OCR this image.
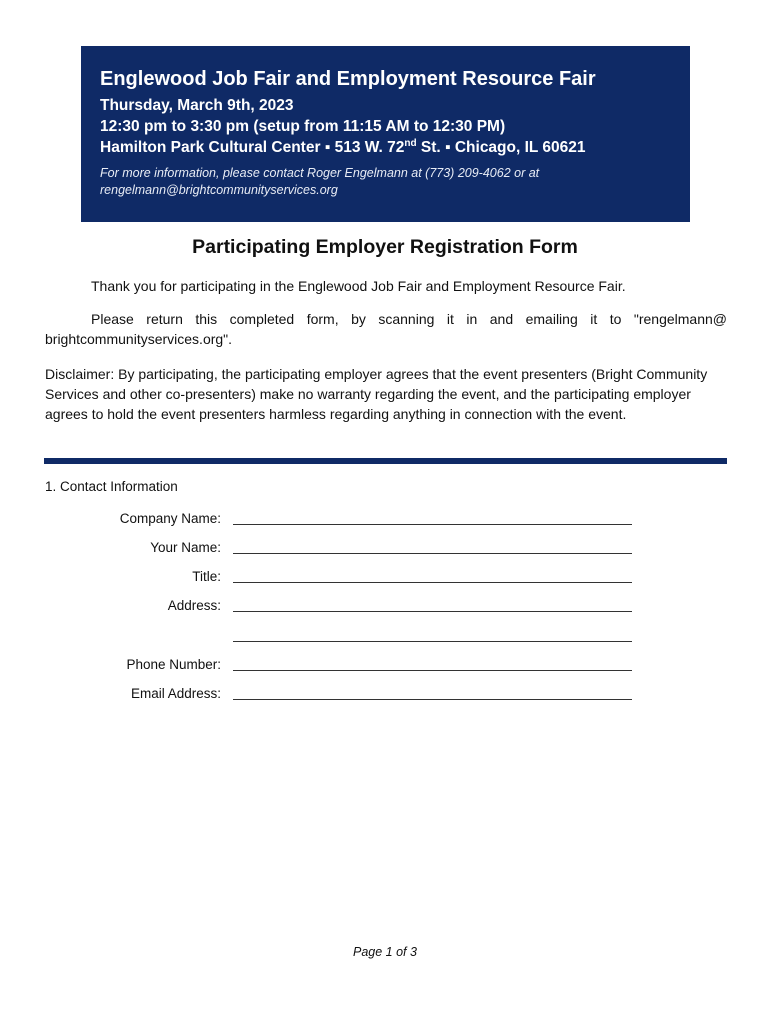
Englewood Job Fair and Employment Resource Fair
Thursday, March 9th, 2023
12:30 pm to 3:30 pm (setup from 11:15 AM to 12:30 PM)
Hamilton Park Cultural Center ▪ 513 W. 72nd St. ▪ Chicago, IL 60621
For more information, please contact Roger Engelmann at (773) 209-4062 or at
rengelmann@brightcommunityservices.org
Participating Employer Registration Form

Thank you for participating in the Englewood Job Fair and Employment Resource Fair.

Please return this completed form, by scanning it in and emailing it to "rengelmann@ brightcommunityservices.org".

Disclaimer: By participating, the participating employer agrees that the event presenters (Bright Community Services and other co-presenters) make no warranty regarding the event, and the participating employer agrees to hold the event presenters harmless regarding anything in connection with the event.

1. Contact Information

Company Name:
Your Name:
Title:
Address:
Phone Number:
Email Address:
Page 1 of 3
